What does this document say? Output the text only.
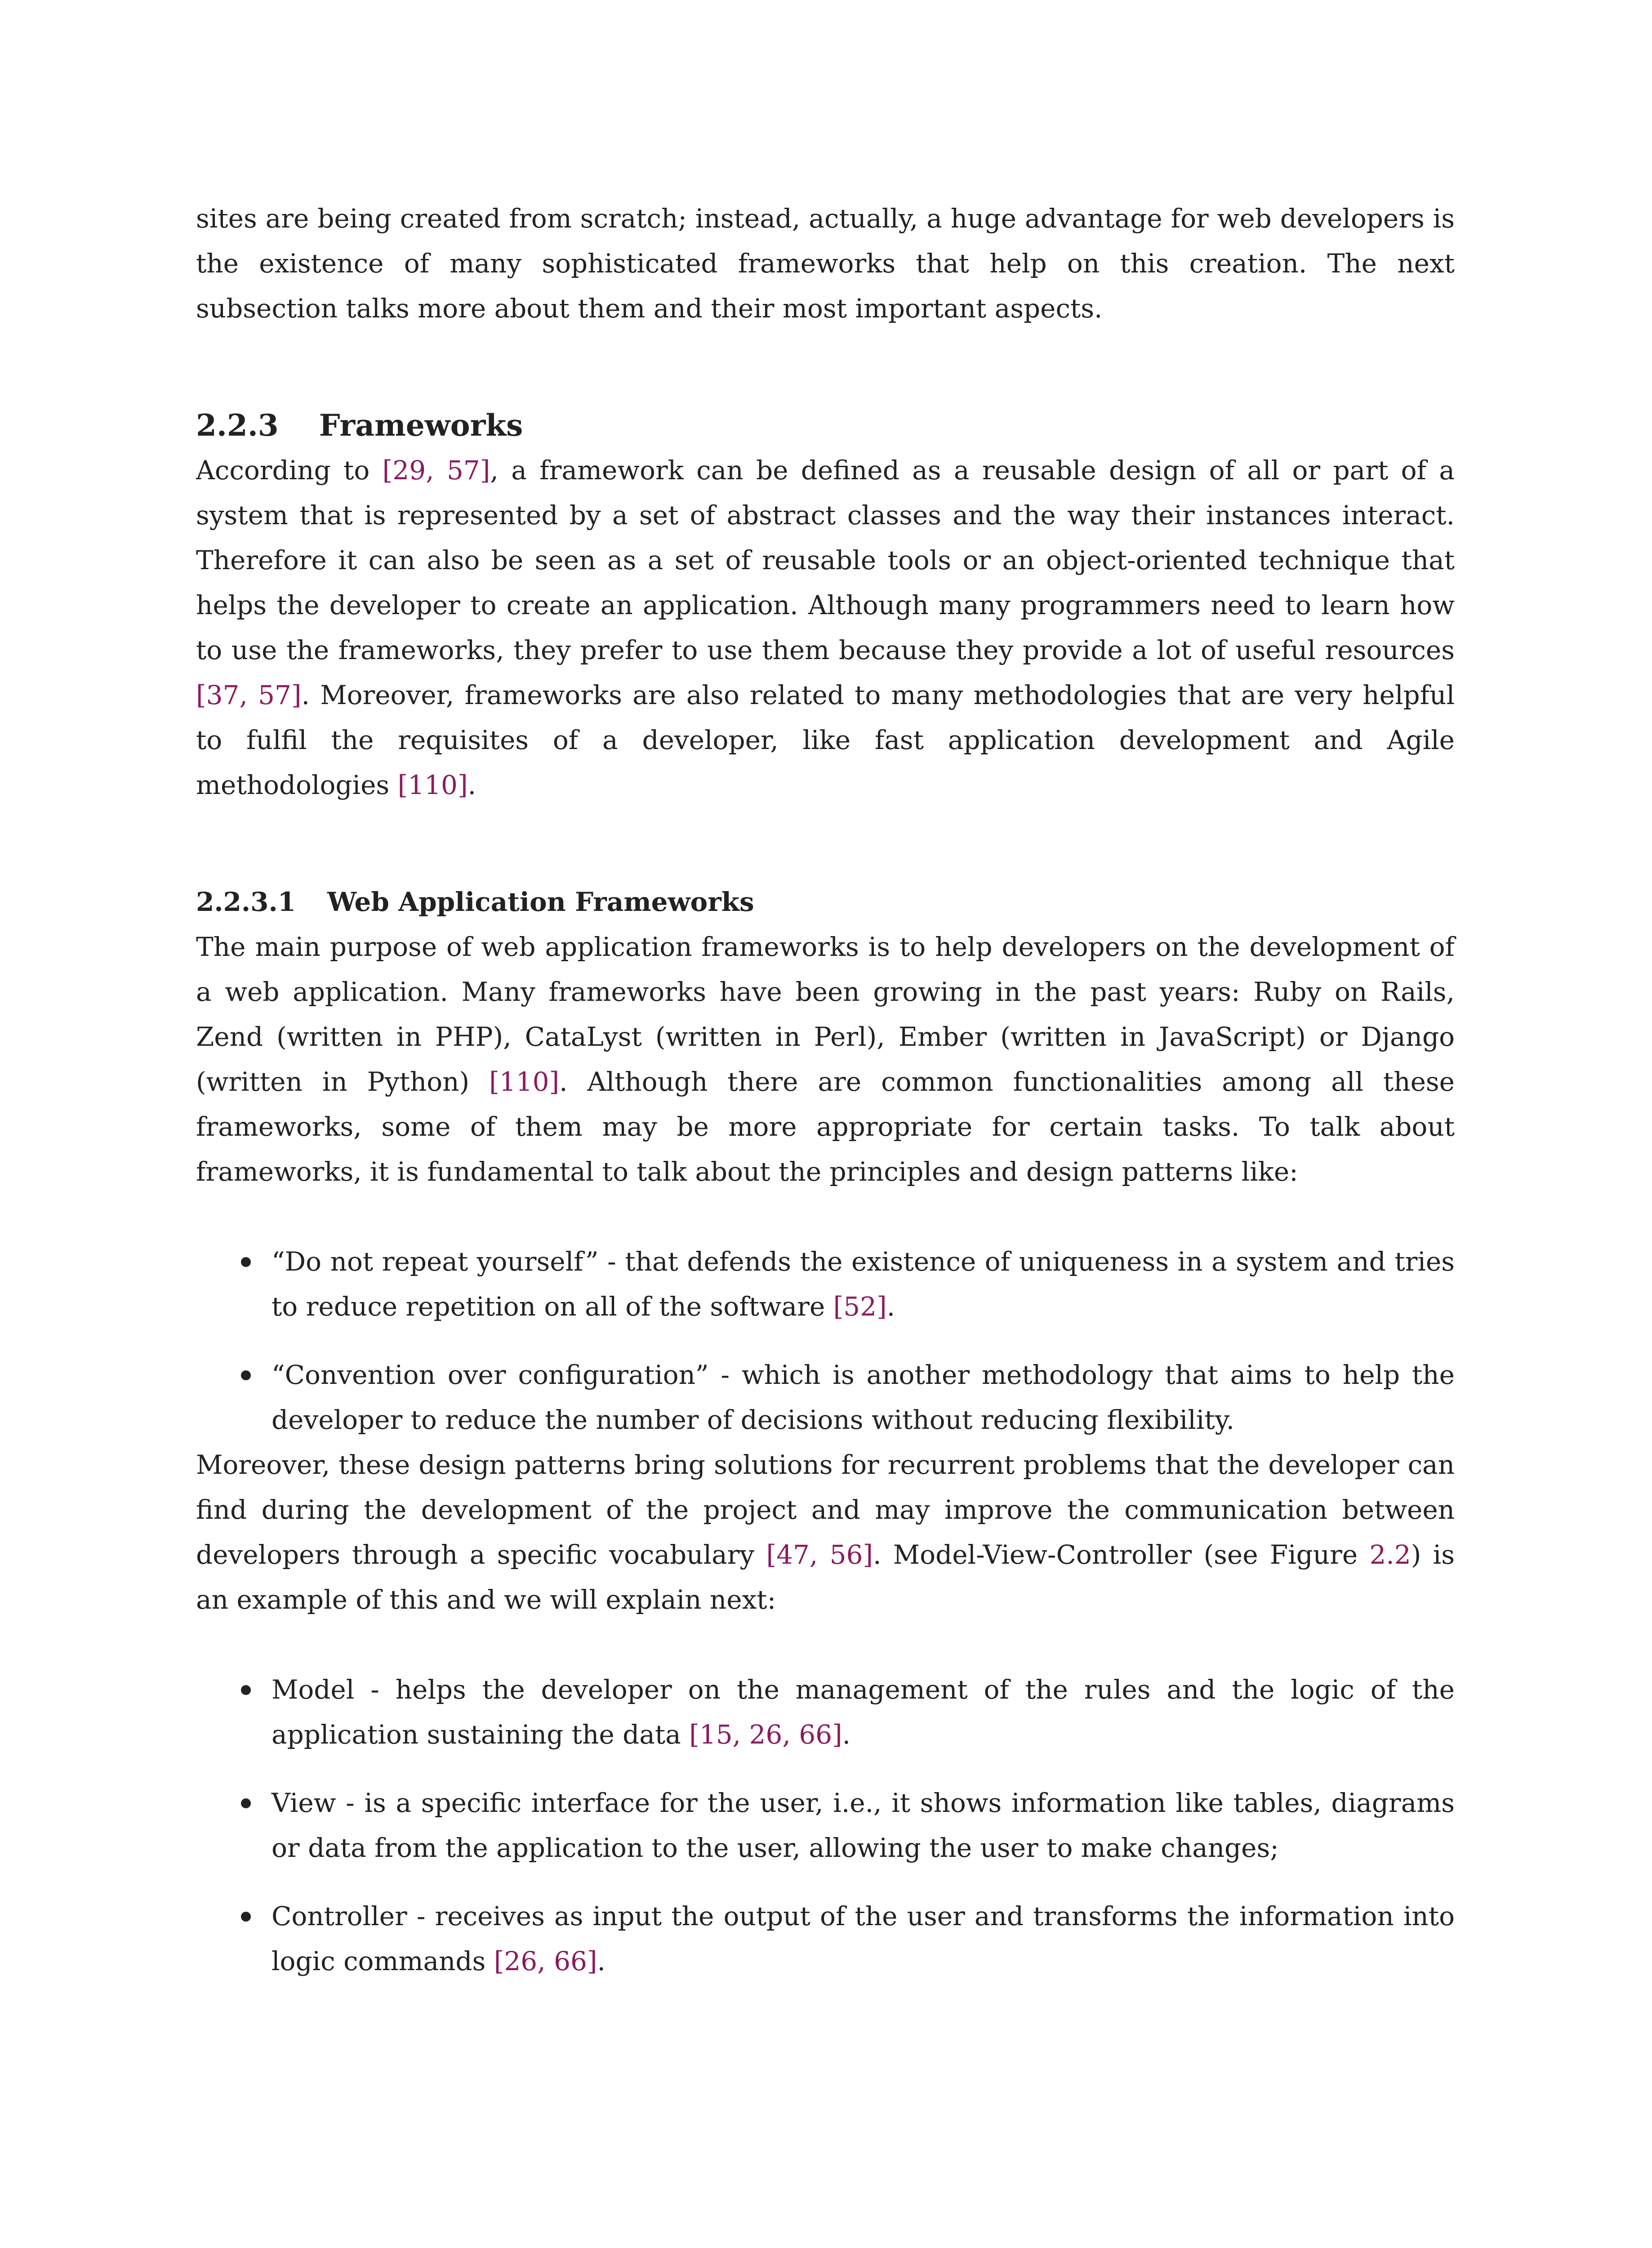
sites are being created from scratch; instead, actually, a huge advantage for web developers is the existence of many sophisticated frameworks that help on this creation. The next subsection talks more about them and their most important aspects.

2.2.3 Frameworks

According to [29, 57], a framework can be defined as a reusable design of all or part of a system that is represented by a set of abstract classes and the way their instances interact. Therefore it can also be seen as a set of reusable tools or an object-oriented technique that helps the developer to create an application. Although many programmers need to learn how to use the frameworks, they prefer to use them because they provide a lot of useful resources [37, 57]. Moreover, frameworks are also related to many methodologies that are very helpful to fulfil the requisites of a developer, like fast application development and Agile methodologies [110].

2.2.3.1 Web Application Frameworks

The main purpose of web application frameworks is to help developers on the development of a web application. Many frameworks have been growing in the past years: Ruby on Rails, Zend (written in PHP), CataLyst (written in Perl), Ember (written in JavaScript) or Django (written in Python) [110]. Although there are common functionalities among all these frameworks, some of them may be more appropriate for certain tasks. To talk about frameworks, it is fundamental to talk about the principles and design patterns like:

“Do not repeat yourself” - that defends the existence of uniqueness in a system and tries to reduce repetition on all of the software [52].
“Convention over configuration” - which is another methodology that aims to help the developer to reduce the number of decisions without reducing flexibility.

Moreover, these design patterns bring solutions for recurrent problems that the developer can find during the development of the project and may improve the communication between developers through a specific vocabulary [47, 56]. Model-View-Controller (see Figure 2.2) is an example of this and we will explain next:

Model - helps the developer on the management of the rules and the logic of the application sustaining the data [15, 26, 66].
View - is a specific interface for the user, i.e., it shows information like tables, diagrams or data from the application to the user, allowing the user to make changes;
Controller - receives as input the output of the user and transforms the information into logic commands [26, 66].
